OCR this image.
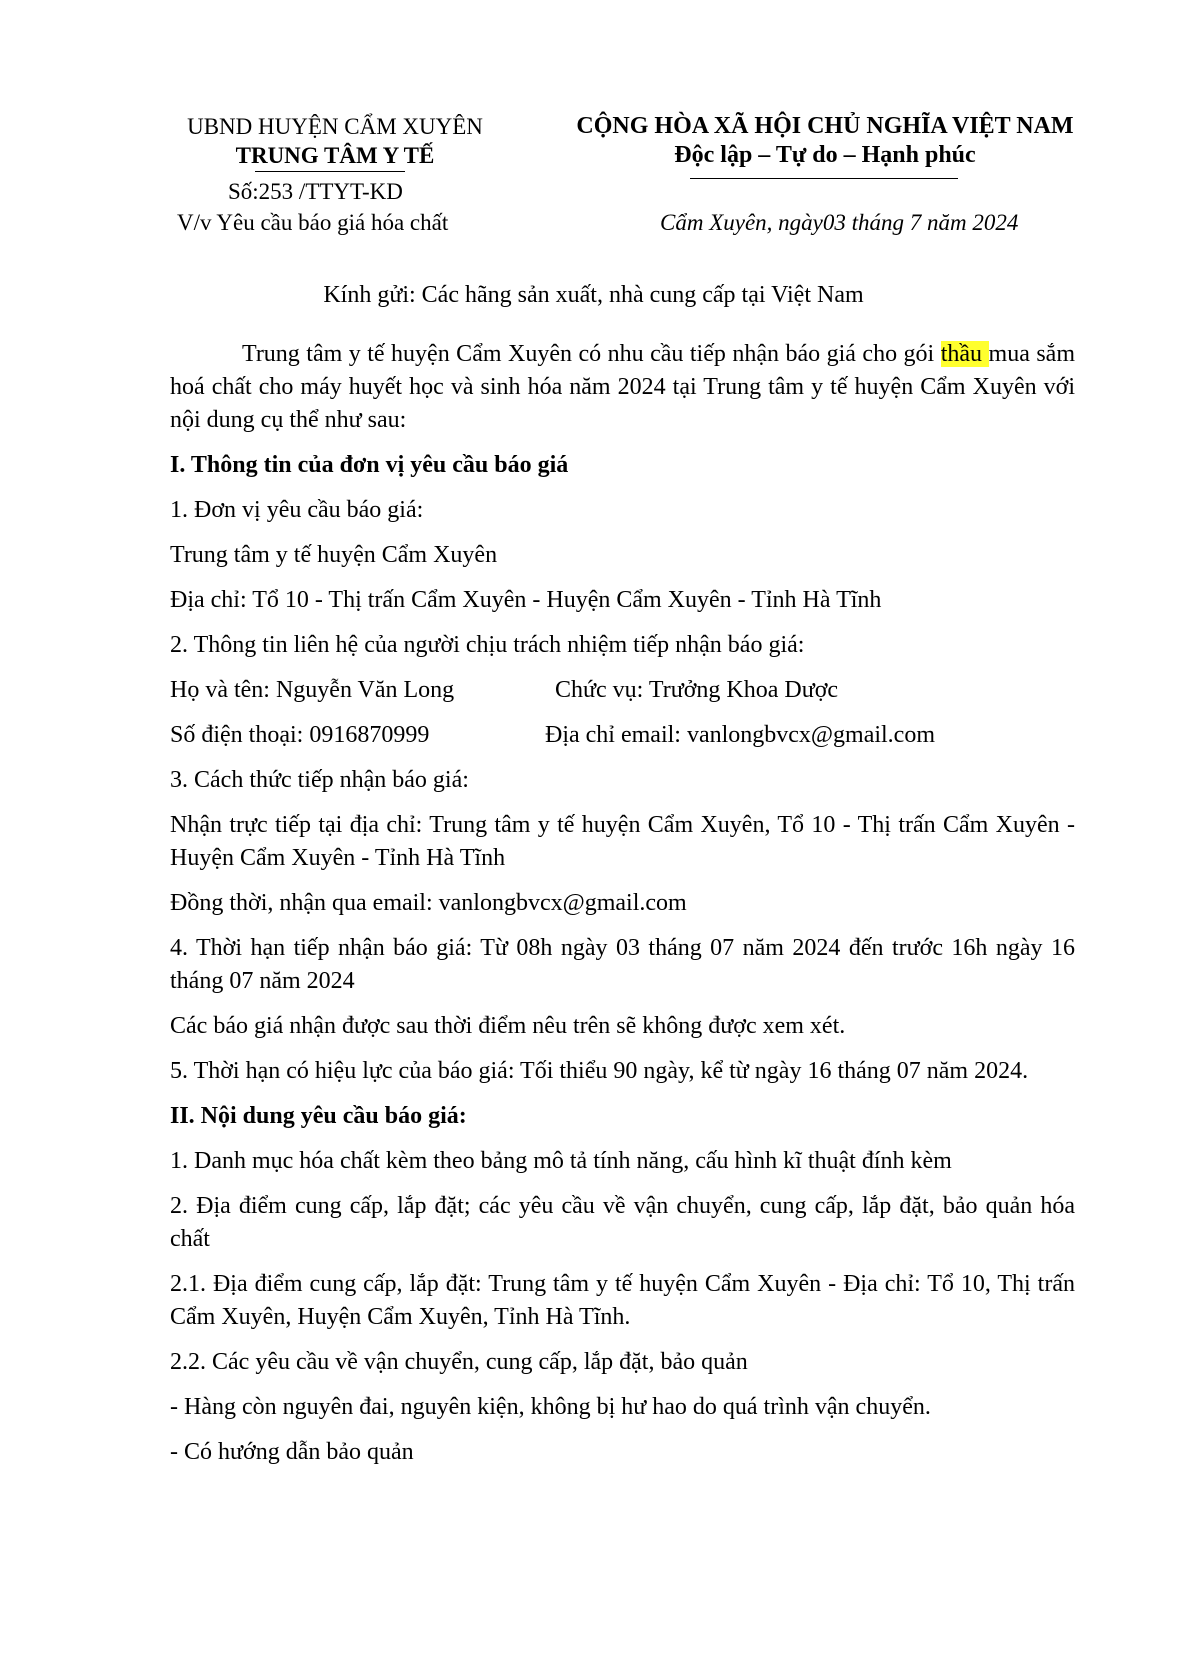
UBND HUYỆN CẨM XUYÊN
TRUNG TÂM Y TẾ
CỘNG HÒA XÃ HỘI CHỦ NGHĨA VIỆT NAM
Độc lập – Tự do – Hạnh phúc
Số:253 /TTYT-KD
V/v Yêu cầu báo giá hóa chất	Cẩm Xuyên, ngày03 tháng 7 năm 2024
Kính gửi: Các hãng sản xuất, nhà cung cấp tại Việt Nam

Trung tâm y tế huyện Cẩm Xuyên có nhu cầu tiếp nhận báo giá cho gói thầu mua sắm hoá chất cho máy huyết học và sinh hóa năm 2024 tại Trung tâm y tế huyện Cẩm Xuyên với nội dung cụ thể như sau:

I. Thông tin của đơn vị yêu cầu báo giá

1. Đơn vị yêu cầu báo giá:

Trung tâm y tế huyện Cẩm Xuyên

Địa chỉ: Tổ 10 - Thị trấn Cẩm Xuyên - Huyện Cẩm Xuyên - Tỉnh Hà Tĩnh

2. Thông tin liên hệ của người chịu trách nhiệm tiếp nhận báo giá:

Họ và tên: Nguyễn Văn Long	Chức vụ: Trưởng Khoa Dược

Số điện thoại: 0916870999	Địa chỉ email: vanlongbvcx@gmail.com

3. Cách thức tiếp nhận báo giá:

Nhận trực tiếp tại địa chỉ: Trung tâm y tế huyện Cẩm Xuyên, Tổ 10 - Thị trấn Cẩm Xuyên - Huyện Cẩm Xuyên - Tỉnh Hà Tĩnh

Đồng thời, nhận qua email: vanlongbvcx@gmail.com

4. Thời hạn tiếp nhận báo giá: Từ 08h ngày 03 tháng 07 năm 2024 đến trước 16h ngày 16 tháng 07 năm 2024

Các báo giá nhận được sau thời điểm nêu trên sẽ không được xem xét.

5. Thời hạn có hiệu lực của báo giá: Tối thiểu 90 ngày, kể từ ngày 16 tháng 07 năm 2024.

II. Nội dung yêu cầu báo giá:

1. Danh mục hóa chất kèm theo bảng mô tả tính năng, cấu hình kĩ thuật đính kèm

2. Địa điểm cung cấp, lắp đặt; các yêu cầu về vận chuyển, cung cấp, lắp đặt, bảo quản hóa chất

2.1. Địa điểm cung cấp, lắp đặt: Trung tâm y tế huyện Cẩm Xuyên - Địa chỉ: Tổ 10, Thị trấn Cẩm Xuyên, Huyện Cẩm Xuyên, Tỉnh Hà Tĩnh.

2.2. Các yêu cầu về vận chuyển, cung cấp, lắp đặt, bảo quản

- Hàng còn nguyên đai, nguyên kiện, không bị hư hao do quá trình vận chuyển.

- Có hướng dẫn bảo quản
